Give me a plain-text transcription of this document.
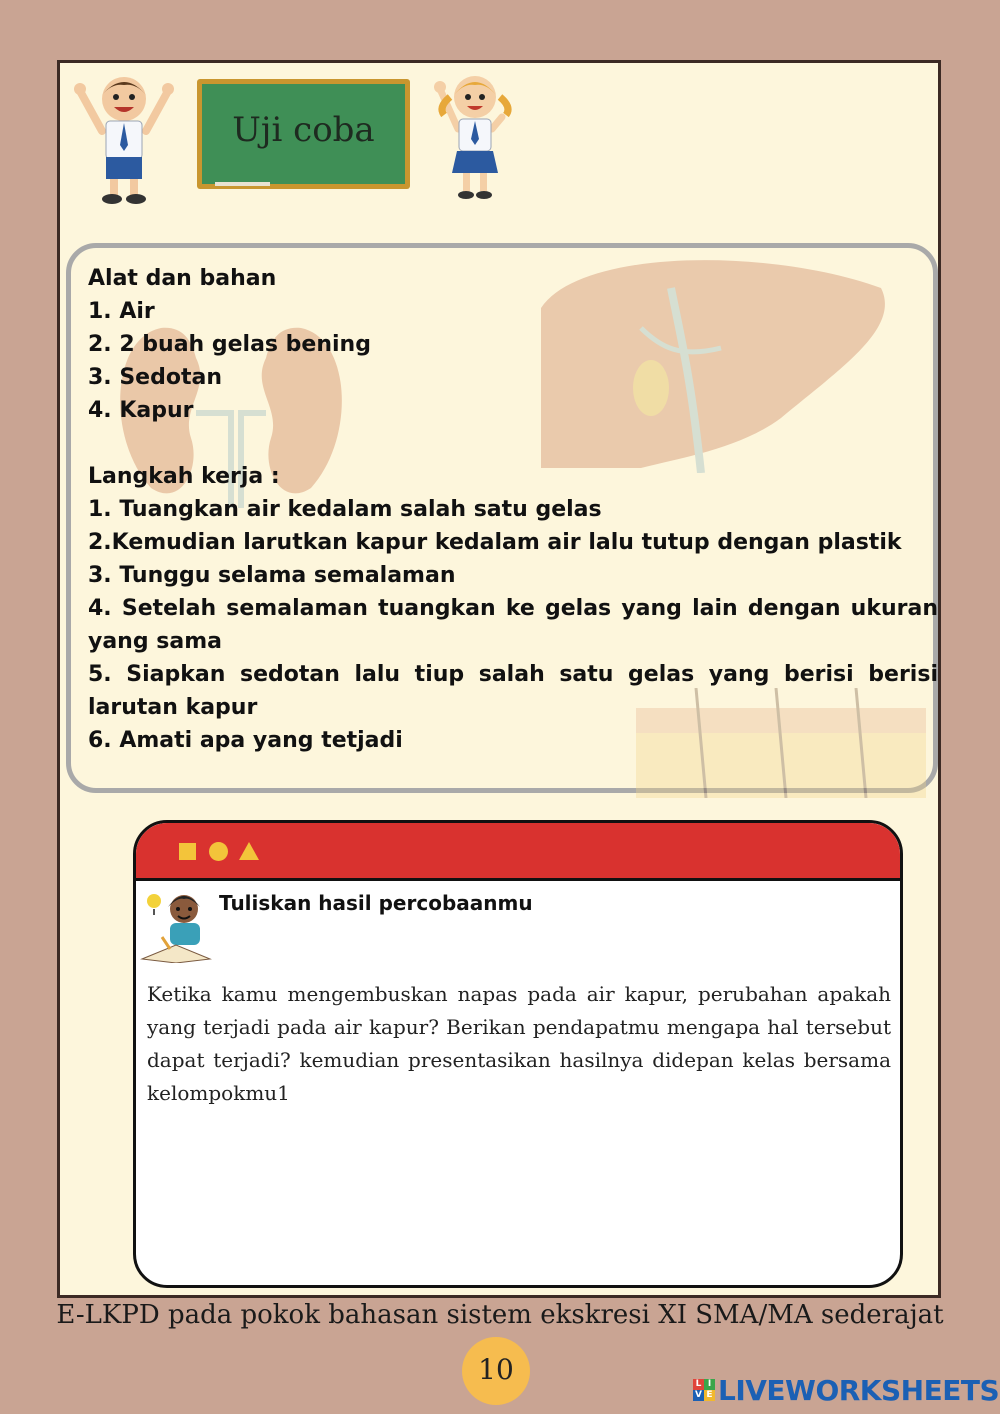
Uji coba

Alat dan bahan

1. Air

2. 2 buah gelas bening

3. Sedotan

4. Kapur

Langkah kerja :

1. Tuangkan air kedalam salah satu gelas

2.Kemudian larutkan kapur kedalam air lalu tutup dengan plastik

3. Tunggu selama semalaman

4. Setelah semalaman tuangkan ke gelas yang lain dengan ukuran yang sama

5. Siapkan sedotan lalu tiup salah satu gelas yang berisi berisi larutan kapur

6. Amati apa yang tetjadi

Tuliskan hasil percobaanmu
Ketika kamu mengembuskan napas pada air kapur, perubahan apakah yang terjadi pada air kapur? Berikan pendapatmu mengapa hal tersebut dapat terjadi? kemudian presentasikan hasilnya didepan kelas bersama kelompokmu1
E-LKPD pada pokok bahasan sistem ekskresi XI SMA/MA sederajat
10	L I
V E LIVEWORKSHEETS
